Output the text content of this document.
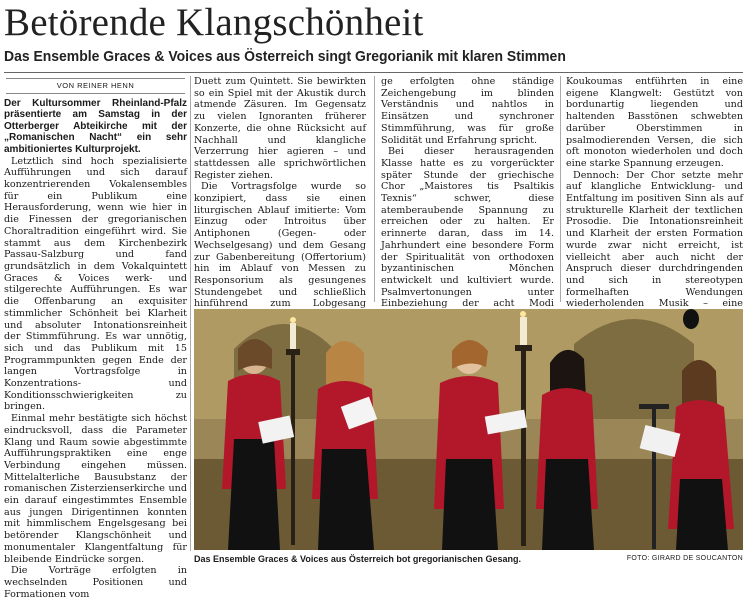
Betörende Klangschönheit
Das Ensemble Graces & Voices aus Österreich singt Gregorianik mit klaren Stimmen
VON REINER HENN

Der Kultursommer Rheinland-Pfalz präsentierte am Samstag in der Otterberger Abteikirche mit der „Romanischen Nacht“ ein sehr ambitioniertes Kulturprojekt.

Letztlich sind hoch spezialisierte Aufführungen und sich darauf konzentrierenden Vokalensembles für ein Publikum eine Herausforderung, wenn wie hier in die Finessen der gregorianischen Choraltradition eingeführt wird. Sie stammt aus dem Kirchenbezirk Passau-Salzburg und fand grundsätzlich in dem Vokalquintett Graces & Voices werk- und stilgerechte Aufführungen. Es war die Offenbarung an exquisiter stimmlicher Schönheit bei Klarheit und absoluter Intonationsreinheit der Stimmführung. Es war unnötig, sich und das Publikum mit 15 Programmpunkten gegen Ende der langen Vortragsfolge in Konzentrations- und Konditionsschwierigkeiten zu bringen.

Einmal mehr bestätigte sich höchst eindrucksvoll, dass die Parameter Klang und Raum sowie abgestimmte Aufführungspraktiken eine enge Verbindung eingehen müssen. Mittelalterliche Bausubstanz der romanischen Zisterzienserkirche und ein darauf eingestimmtes Ensemble aus jungen Dirigentinnen konnten mit himmlischem Engelsgesang bei betörender Klangschönheit und monumentaler Klangentfaltung für bleibende Eindrücke sorgen.

Die Vorträge erfolgten in wechselnden Positionen und Formationen vom

Duett zum Quintett. Sie bewirkten so ein Spiel mit der Akustik durch atmende Zäsuren. Im Gegensatz zu vielen Ignoranten früherer Konzerte, die ohne Rücksicht auf Nachhall und klangliche Verzerrung hier agieren – und stattdessen alle sprichwörtlichen Register ziehen.

Die Vortragsfolge wurde so konzipiert, dass sie einen liturgischen Ablauf imitierte: Vom Einzug oder Introitus über Antiphonen (Gegen- oder Wechselgesang) und dem Gesang zur Gabenbereitung (Offertorium) hin im Ablauf von Messen zu Responsorium als gesungenes Stundengebet und schließlich hinführend zum Lobgesang

ge erfolgten ohne ständige Zeichengebung im blinden Verständnis und nahtlos in Einsätzen und synchroner Stimmführung, was für große Solidität und Erfahrung spricht.

Bei dieser herausragenden Klasse hatte es zu vorgerückter später Stunde der griechische Chor „Maistores tis Psaltikis Texnis“ schwer, diese atemberaubende Spannung zu erreichen oder zu halten. Er erinnerte daran, dass im 14. Jahrhundert eine besondere Form der Spiritualität von orthodoxen byzantinischen Mönchen entwickelt und kultiviert wurde. Psalmvertonungen unter Einbeziehung der acht Modi

Koukoumas entführten in eine eigene Klangwelt: Gestützt von bordunartig liegenden und haltenden Basstönen schwebten darüber Oberstimmen in psalmodierenden Versen, die sich oft monoton wiederholen und doch eine starke Spannung erzeugen.

Dennoch: Der Chor setzte mehr auf klangliche Entwicklung- und Entfaltung im positiven Sinn als auf strukturelle Klarheit der textlichen Prosodie. Die Intonationsreinheit und Klarheit der ersten Formation wurde zwar nicht erreicht, ist vielleicht aber auch nicht der Anspruch dieser durchdringenden und sich in stereotypen formelhaften Wendungen wiederholenden Musik – eine

Das Ensemble Graces & Voices aus Österreich bot gregorianischen Gesang.	FOTO: GIRARD DE SOUCANTON
